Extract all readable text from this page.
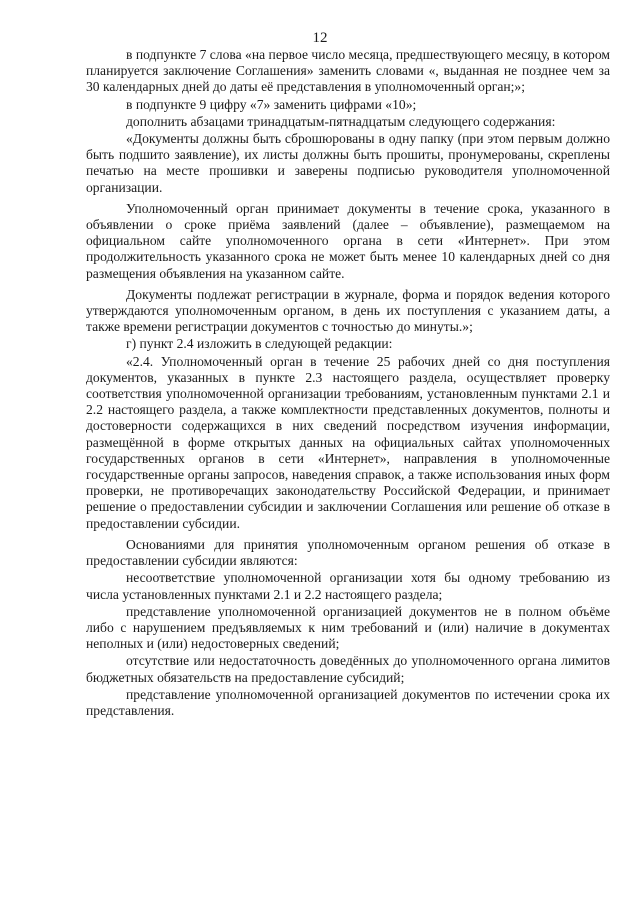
12

в подпункте 7 слова «на первое число месяца, предшествующего месяцу, в котором планируется заключение Соглашения» заменить словами «, выданная не позднее чем за 30 календарных дней до даты её представления в уполномоченный орган;»;

в подпункте 9 цифру «7» заменить цифрами «10»;

дополнить абзацами тринадцатым-пятнадцатым следующего содержания:

«Документы должны быть сброшюрованы в одну папку (при этом первым должно быть подшито заявление), их листы должны быть прошиты, пронумерованы, скреплены печатью на месте прошивки и заверены подписью руководителя уполномоченной организации.

Уполномоченный орган принимает документы в течение срока, указанного в объявлении о сроке приёма заявлений (далее – объявление), размещаемом на официальном сайте уполномоченного органа в сети «Интернет». При этом продолжительность указанного срока не может быть менее 10 календарных дней со дня размещения объявления на указанном сайте.

Документы подлежат регистрации в журнале, форма и порядок ведения которого утверждаются уполномоченным органом, в день их поступления с указанием даты, а также времени регистрации документов с точностью до минуты.»;

г) пункт 2.4 изложить в следующей редакции:

«2.4. Уполномоченный орган в течение 25 рабочих дней со дня поступления документов, указанных в пункте 2.3 настоящего раздела, осуществляет проверку соответствия уполномоченной организации требованиям, установленным пунктами 2.1 и 2.2 настоящего раздела, а также комплектности представленных документов, полноты и достоверности содержащихся в них сведений посредством изучения информации, размещённой в форме открытых данных на официальных сайтах уполномоченных государственных органов в сети «Интернет», направления в уполномоченные государственные органы запросов, наведения справок, а также использования иных форм проверки, не противоречащих законодательству Российской Федерации, и принимает решение о предоставлении субсидии и заключении Соглашения или решение об отказе в предоставлении субсидии.

Основаниями для принятия уполномоченным органом решения об отказе в предоставлении субсидии являются:

несоответствие уполномоченной организации хотя бы одному требованию из числа установленных пунктами 2.1 и 2.2 настоящего раздела;

представление уполномоченной организацией документов не в полном объёме либо с нарушением предъявляемых к ним требований и (или) наличие в документах неполных и (или) недостоверных сведений;

отсутствие или недостаточность доведённых до уполномоченного органа лимитов бюджетных обязательств на предоставление субсидий;

представление уполномоченной организацией документов по истечении срока их представления.
